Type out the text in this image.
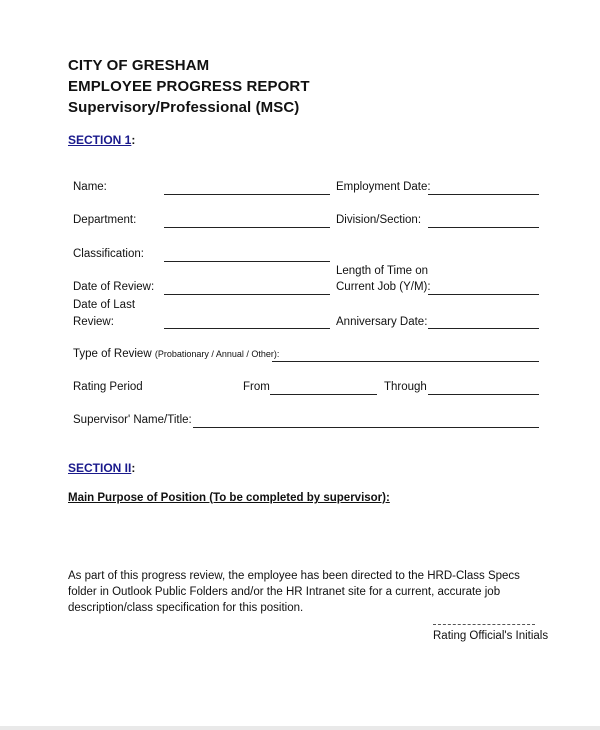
CITY OF GRESHAM
EMPLOYEE PROGRESS REPORT
Supervisory/Professional (MSC)
SECTION 1:
Name:	Employment Date:
Department:	Division/Section:
Classification:
Length of Time on
Date of Review:	Current Job (Y/M):
Date of Last
Review:	Anniversary Date:
Type of Review (Probationary / Annual / Other):
Rating Period	From	Through
Supervisor' Name/Title:
SECTION II:
Main Purpose of Position (To be completed by supervisor):
As part of this progress review, the employee has been directed to the HRD-Class Specs folder in Outlook Public Folders and/or the HR Intranet site for a current, accurate job description/class specification for this position.
Rating Official's Initials
